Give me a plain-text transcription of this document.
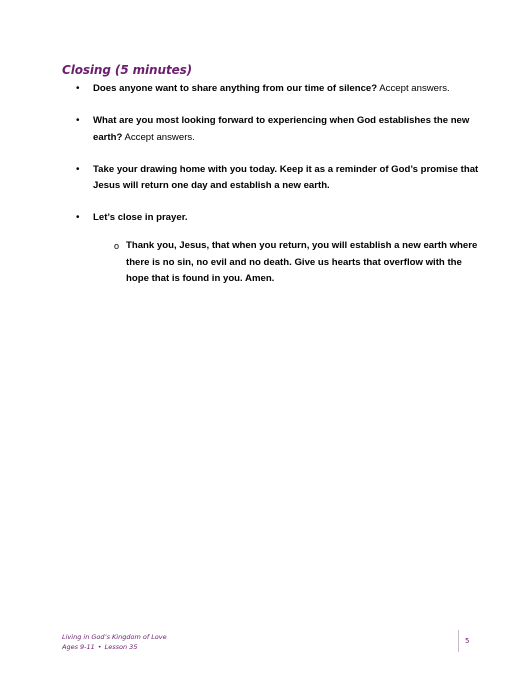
Closing (5 minutes)
• Does anyone want to share anything from our time of silence? Accept answers.
• What are you most looking forward to experiencing when God establishes the new earth? Accept answers.
• Take your drawing home with you today. Keep it as a reminder of God’s promise that Jesus will return one day and establish a new earth.
• Let’s close in prayer.
o Thank you, Jesus, that when you return, you will establish a new earth where there is no sin, no evil and no death. Give us hearts that overflow with the hope that is found in you. Amen.
Living in God’s Kingdom of Love
Ages 9-11 • Lesson 35
5
